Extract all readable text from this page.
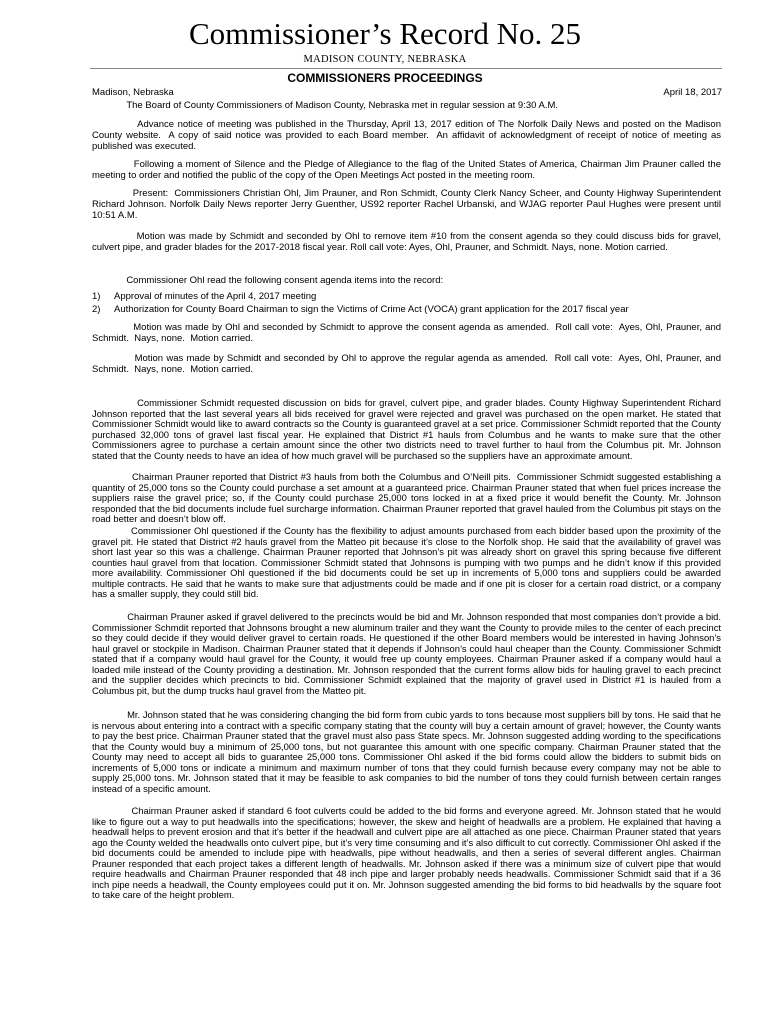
Commissioner’s Record No. 25
MADISON COUNTY, NEBRASKA
COMMISSIONERS PROCEEDINGS
Madison, Nebraska	April 18, 2017

The Board of County Commissioners of Madison County, Nebraska met in regular session at 9:30 A.M.

Advance notice of meeting was published in the Thursday, April 13, 2017 edition of The Norfolk Daily News and posted on the Madison County website.  A copy of said notice was provided to each Board member.  An affidavit of acknowledgment of receipt of notice of meeting as published was executed.

Following a moment of Silence and the Pledge of Allegiance to the flag of the United States of America, Chairman Jim Prauner called the meeting to order and notified the public of the copy of the Open Meetings Act posted in the meeting room.

Present:  Commissioners Christian Ohl, Jim Prauner, and Ron Schmidt, County Clerk Nancy Scheer, and County Highway Superintendent Richard Johnson. Norfolk Daily News reporter Jerry Guenther, US92 reporter Rachel Urbanski, and WJAG reporter Paul Hughes were present until 10:51 A.M.

Motion was made by Schmidt and seconded by Ohl to remove item #10 from the consent agenda so they could discuss bids for gravel, culvert pipe, and grader blades for the 2017-2018 fiscal year. Roll call vote: Ayes, Ohl, Prauner, and Schmidt. Nays, none. Motion carried.

Commissioner Ohl read the following consent agenda items into the record:

1) Approval of minutes of the April 4, 2017 meeting
2) Authorization for County Board Chairman to sign the Victims of Crime Act (VOCA) grant application for the 2017 fiscal year

Motion was made by Ohl and seconded by Schmidt to approve the consent agenda as amended.  Roll call vote:  Ayes, Ohl, Prauner, and Schmidt.  Nays, none.  Motion carried.

Motion was made by Schmidt and seconded by Ohl to approve the regular agenda as amended.  Roll call vote:  Ayes, Ohl, Prauner, and Schmidt.  Nays, none.  Motion carried.

Commissioner Schmidt requested discussion on bids for gravel, culvert pipe, and grader blades. County Highway Superintendent Richard Johnson reported that the last several years all bids received for gravel were rejected and gravel was purchased on the open market. He stated that Commissioner Schmidt would like to award contracts so the County is guaranteed gravel at a set price. Commissioner Schmidt reported that the County purchased 32,000 tons of gravel last fiscal year. He explained that District #1 hauls from Columbus and he wants to make sure that the other Commissioners agree to purchase a certain amount since the other two districts need to travel further to haul from the Columbus pit. Mr. Johnson stated that the County needs to have an idea of how much gravel will be purchased so the suppliers have an approximate amount.

Chairman Prauner reported that District #3 hauls from both the Columbus and O’Neill pits.  Commissioner Schmidt suggested establishing a quantity of 25,000 tons so the County could purchase a set amount at a guaranteed price. Chairman Prauner stated that when fuel prices increase the suppliers raise the gravel price; so, if the County could purchase 25,000 tons locked in at a fixed price it would benefit the County. Mr. Johnson responded that the bid documents include fuel surcharge information. Chairman Prauner reported that gravel hauled from the Columbus pit stays on the road better and doesn’t blow off.

Commissioner Ohl questioned if the County has the flexibility to adjust amounts purchased from each bidder based upon the proximity of the gravel pit. He stated that District #2 hauls gravel from the Matteo pit because it’s close to the Norfolk shop. He said that the availability of gravel was short last year so this was a challenge. Chairman Prauner reported that Johnson’s pit was already short on gravel this spring because five different counties haul gravel from that location. Commissioner Schmidt stated that Johnsons is pumping with two pumps and he didn’t know if this provided more availability. Commissioner Ohl questioned if the bid documents could be set up in increments of 5,000 tons and suppliers could be awarded multiple contracts. He said that he wants to make sure that adjustments could be made and if one pit is closer for a certain road district, or a company has a smaller supply, they could still bid.

Chairman Prauner asked if gravel delivered to the precincts would be bid and Mr. Johnson responded that most companies don’t provide a bid. Commissioner Schmdit reported that Johnsons brought a new aluminum trailer and they want the County to provide miles to the center of each precinct so they could decide if they would deliver gravel to certain roads. He questioned if the other Board members would be interested in having Johnson’s haul gravel or stockpile in Madison. Chairman Prauner stated that it depends if Johnson’s could haul cheaper than the County. Commissioner Schmidt stated that if a company would haul gravel for the County, it would free up county employees. Chairman Prauner asked if a company would haul a loaded mile instead of the County providing a destination. Mr. Johnson responded that the current forms allow bids for hauling gravel to each precinct and the supplier decides which precincts to bid. Commissioner Schmidt explained that the majority of gravel used in District #1 is hauled from a Columbus pit, but the dump trucks haul gravel from the Matteo pit.

Mr. Johnson stated that he was considering changing the bid form from cubic yards to tons because most suppliers bill by tons. He said that he is nervous about entering into a contract with a specific company stating that the county will buy a certain amount of gravel; however, the County wants to pay the best price. Chairman Prauner stated that the gravel must also pass State specs. Mr. Johnson suggested adding wording to the specifications that the County would buy a minimum of 25,000 tons, but not guarantee this amount with one specific company. Chairman Prauner stated that the County may need to accept all bids to guarantee 25,000 tons. Commissioner Ohl asked if the bid forms could allow the bidders to submit bids on increments of 5,000 tons or indicate a minimum and maximum number of tons that they could furnish because every company may not be able to supply 25,000 tons. Mr. Johnson stated that it may be feasible to ask companies to bid the number of tons they could furnish between certain ranges instead of a specific amount.

Chairman Prauner asked if standard 6 foot culverts could be added to the bid forms and everyone agreed. Mr. Johnson stated that he would like to figure out a way to put headwalls into the specifications; however, the skew and height of headwalls are a problem. He explained that having a headwall helps to prevent erosion and that it’s better if the headwall and culvert pipe are all attached as one piece. Chairman Prauner stated that years ago the County welded the headwalls onto culvert pipe, but it’s very time consuming and it’s also difficult to cut correctly. Commissioner Ohl asked if the bid documents could be amended to include pipe with headwalls, pipe without headwalls, and then a series of several different angles. Chairman Prauner responded that each project takes a different length of headwalls. Mr. Johnson asked if there was a minimum size of culvert pipe that would require headwalls and Chairman Prauner responded that 48 inch pipe and larger probably needs headwalls. Commissioner Schmidt said that if a 36 inch pipe needs a headwall, the County employees could put it on. Mr. Johnson suggested amending the bid forms to bid headwalls by the square foot to take care of the height problem.
